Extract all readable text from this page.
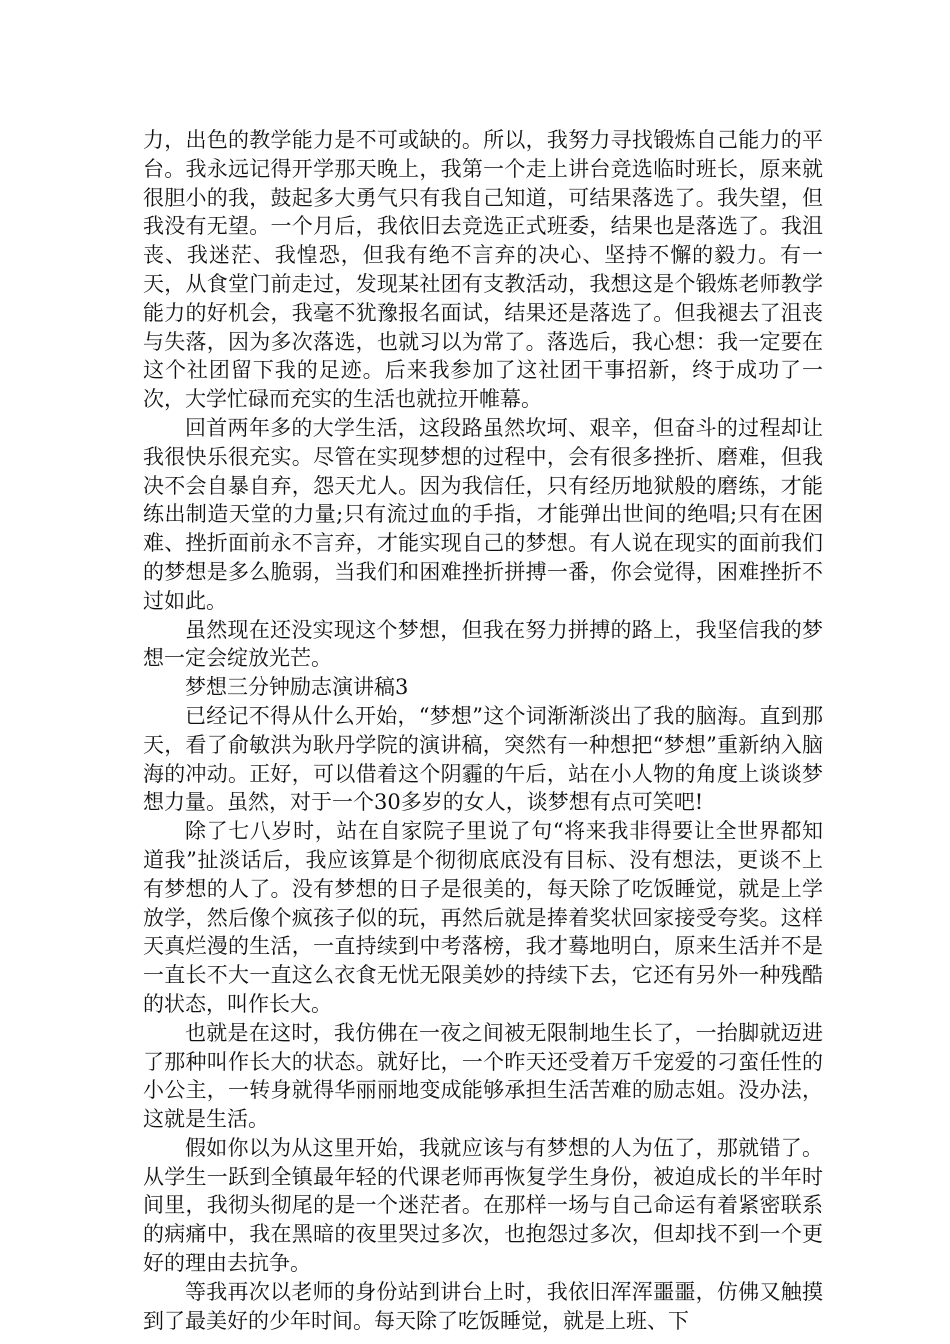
力，出色的教学能力是不可或缺的。所以，我努力寻找锻炼自己能力的平台。我永远记得开学那天晚上，我第一个走上讲台竞选临时班长，原来就很胆小的我，鼓起多大勇气只有我自己知道，可结果落选了。我失望，但我没有无望。一个月后，我依旧去竞选正式班委，结果也是落选了。我沮丧、我迷茫、我惶恐，但我有绝不言弃的决心、坚持不懈的毅力。有一天，从食堂门前走过，发现某社团有支教活动，我想这是个锻炼老师教学能力的好机会，我毫不犹豫报名面试，结果还是落选了。但我褪去了沮丧与失落，因为多次落选，也就习以为常了。落选后，我心想：我一定要在这个社团留下我的足迹。后来我参加了这社团干事招新，终于成功了一次，大学忙碌而充实的生活也就拉开帷幕。

回首两年多的大学生活，这段路虽然坎坷、艰辛，但奋斗的过程却让我很快乐很充实。尽管在实现梦想的过程中，会有很多挫折、磨难，但我决不会自暴自弃，怨天尤人。因为我信任，只有经历地狱般的磨练，才能练出制造天堂的力量;只有流过血的手指，才能弹出世间的绝唱;只有在困难、挫折面前永不言弃，才能实现自己的梦想。有人说在现实的面前我们的梦想是多么脆弱，当我们和困难挫折拼搏一番，你会觉得，困难挫折不过如此。

虽然现在还没实现这个梦想，但我在努力拼搏的路上，我坚信我的梦想一定会绽放光芒。

梦想三分钟励志演讲稿3

已经记不得从什么开始，“梦想”这个词渐渐淡出了我的脑海。直到那天，看了俞敏洪为耿丹学院的演讲稿，突然有一种想把“梦想”重新纳入脑海的冲动。正好，可以借着这个阴霾的午后，站在小人物的角度上谈谈梦想力量。虽然，对于一个30多岁的女人，谈梦想有点可笑吧!

除了七八岁时，站在自家院子里说了句“将来我非得要让全世界都知道我”扯淡话后，我应该算是个彻彻底底没有目标、没有想法，更谈不上有梦想的人了。没有梦想的日子是很美的，每天除了吃饭睡觉，就是上学放学，然后像个疯孩子似的玩，再然后就是捧着奖状回家接受夸奖。这样天真烂漫的生活，一直持续到中考落榜，我才蓦地明白，原来生活并不是一直长不大一直这么衣食无忧无限美妙的持续下去，它还有另外一种残酷的状态，叫作长大。

也就是在这时，我仿佛在一夜之间被无限制地生长了，一抬脚就迈进了那种叫作长大的状态。就好比，一个昨天还受着万千宠爱的刁蛮任性的小公主，一转身就得华丽丽地变成能够承担生活苦难的励志姐。没办法，这就是生活。

假如你以为从这里开始，我就应该与有梦想的人为伍了，那就错了。从学生一跃到全镇最年轻的代课老师再恢复学生身份，被迫成长的半年时间里，我彻头彻尾的是一个迷茫者。在那样一场与自己命运有着紧密联系的病痛中，我在黑暗的夜里哭过多次，也抱怨过多次，但却找不到一个更好的理由去抗争。

等我再次以老师的身份站到讲台上时，我依旧浑浑噩噩，仿佛又触摸到了最美好的少年时间。每天除了吃饭睡觉，就是上班、下
